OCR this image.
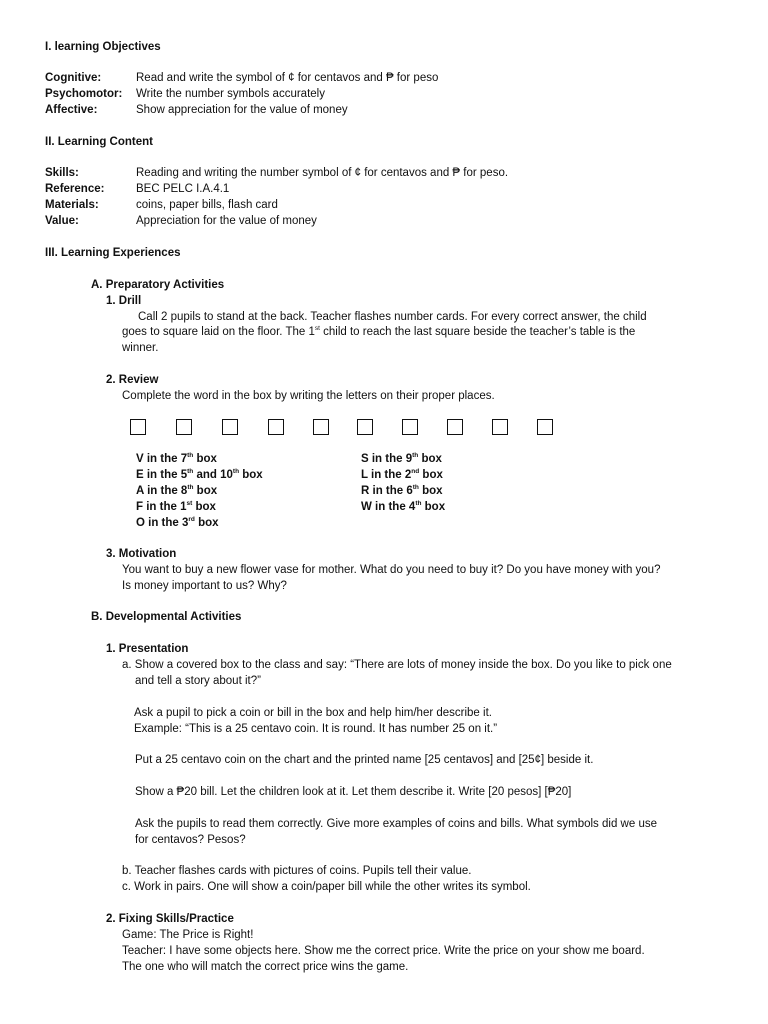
I. learning Objectives
Cognitive:	Read and write the symbol of ¢ for centavos and ₱ for peso
Psychomotor: Write the number symbols accurately
Affective:	Show appreciation for the value of money
II. Learning Content
Skills:	Reading and writing the number symbol of ¢ for centavos and ₱ for peso.
Reference:	BEC PELC I.A.4.1
Materials:	coins, paper bills, flash card
Value:	Appreciation for the value of money
III. Learning Experiences
A. Preparatory Activities
1. Drill
Call 2 pupils to stand at the back. Teacher flashes number cards. For every correct answer, the child
goes to square laid on the floor. The 1st child to reach the last square beside the teacher’s table is the
winner.
2. Review
Complete the word in the box by writing the letters on their proper places.
V in the 7th box
E in the 5th and 10th box
A in the 8th box
F in the 1st box
O in the 3rd box
S in the 9th box
L in the 2nd box
R in the 6th box
W in the 4th box
3. Motivation
You want to buy a new flower vase for mother. What do you need to buy it? Do you have money with you?
Is money important to us? Why?
B. Developmental Activities
1. Presentation
a. Show a covered box to the class and say: “There are lots of money inside the box. Do you like to pick one
and tell a story about it?”
Ask a pupil to pick a coin or bill in the box and help him/her describe it.
Example: “This is a 25 centavo coin. It is round. It has number 25 on it.”
Put a 25 centavo coin on the chart and the printed name [25 centavos] and [25¢] beside it.
Show a ₱20 bill. Let the children look at it. Let them describe it. Write [20 pesos] [₱20]
Ask the pupils to read them correctly. Give more examples of coins and bills. What symbols did we use
for centavos? Pesos?
b. Teacher flashes cards with pictures of coins. Pupils tell their value.
c. Work in pairs. One will show a coin/paper bill while the other writes its symbol.
2. Fixing Skills/Practice
Game: The Price is Right!
Teacher: I have some objects here. Show me the correct price. Write the price on your show me board.
The one who will match the correct price wins the game.
